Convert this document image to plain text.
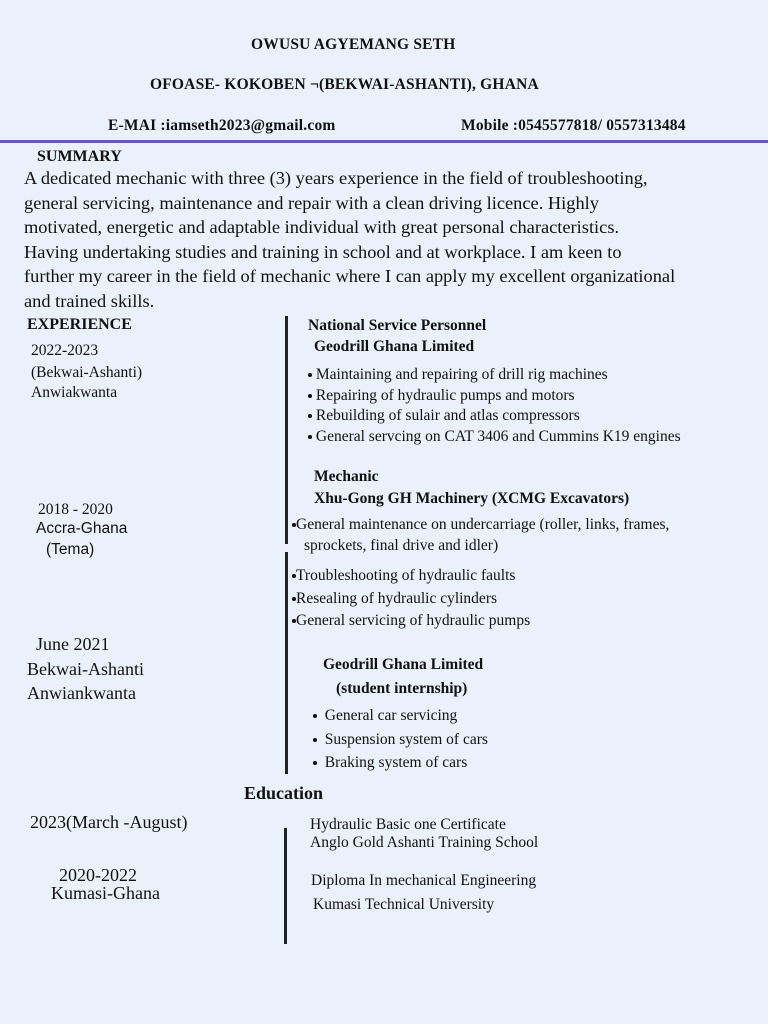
OWUSU AGYEMANG SETH
OFOASE- KOKOBEN ¬(BEKWAI-ASHANTI), GHANA
E-MAI :iamseth2023@gmail.com	Mobile :0545577818/ 0557313484
SUMMARY
A dedicated mechanic with three (3) years experience in the field of troubleshooting,
general servicing, maintenance and repair with a clean driving licence. Highly
motivated, energetic and adaptable individual with great personal characteristics.
Having undertaking studies and training in school and at workplace. I am keen to
further my career in the field of mechanic where I can apply my excellent organizational
and trained skills.
EXPERIENCE
2022-2023
(Bekwai-Ashanti)
Anwiakwanta
National Service Personnel
Geodrill Ghana Limited
Maintaining and repairing of drill rig machines
Repairing of hydraulic pumps and motors
Rebuilding of sulair and atlas compressors
General servcing on CAT 3406 and Cummins K19 engines
Mechanic
Xhu-Gong GH Machinery (XCMG Excavators)
2018 - 2020
Accra-Ghana
(Tema)
General maintenance on undercarriage (roller, links, frames,
sprockets, final drive and idler)
Troubleshooting of hydraulic faults
Resealing of hydraulic cylinders
General servicing of hydraulic pumps
June 2021
Bekwai-Ashanti
Anwiankwanta
Geodrill Ghana Limited
(student internship)
General car servicing
Suspension system of cars
Braking system of cars
Education
2023(March -August)	Hydraulic Basic one Certificate
Anglo Gold Ashanti Training School
2020-2022
Kumasi-Ghana
Diploma In mechanical Engineering
Kumasi Technical University
